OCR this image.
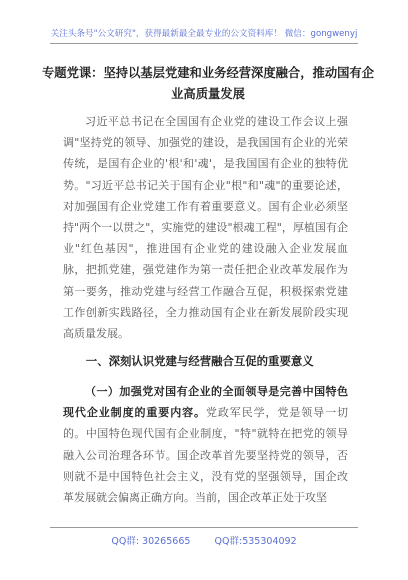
关注头条号"公文研究"，获得最新最全最专业的公文资料库！ 微信：gongwenyj
专题党课：坚持以基层党建和业务经营深度融合，推动国有企业高质量发展
习近平总书记在全国国有企业党的建设工作会议上强调"坚持党的领导、加强党的建设，是我国国有企业的光荣传统，是国有企业的'根'和'魂'，是我国国有企业的独特优势。"习近平总书记关于国有企业"根"和"魂"的重要论述，对加强国有企业党建工作有着重要意义。国有企业必须坚持"两个一以贯之"，实施党的建设"根魂工程"，厚植国有企业"红色基因"，推进国有企业党的建设融入企业发展血脉，把抓党建，强党建作为第一责任把企业改革发展作为第一要务，推动党建与经营工作融合互促，积极探索党建工作创新实践路径，全力推动国有企业在新发展阶段实现高质量发展。
一、深刻认识党建与经营融合互促的重要意义
（一）加强党对国有企业的全面领导是完善中国特色现代企业制度的重要内容。党政军民学，党是领导一切的。中国特色现代国有企业制度，"特"就特在把党的领导融入公司治理各环节。国企改革首先要坚持党的领导，否则就不是中国特色社会主义，没有党的坚强领导，国企改革发展就会偏离正确方向。当前，国企改革正处于攻坚
QQ群: 30265665        QQ群:535304092
